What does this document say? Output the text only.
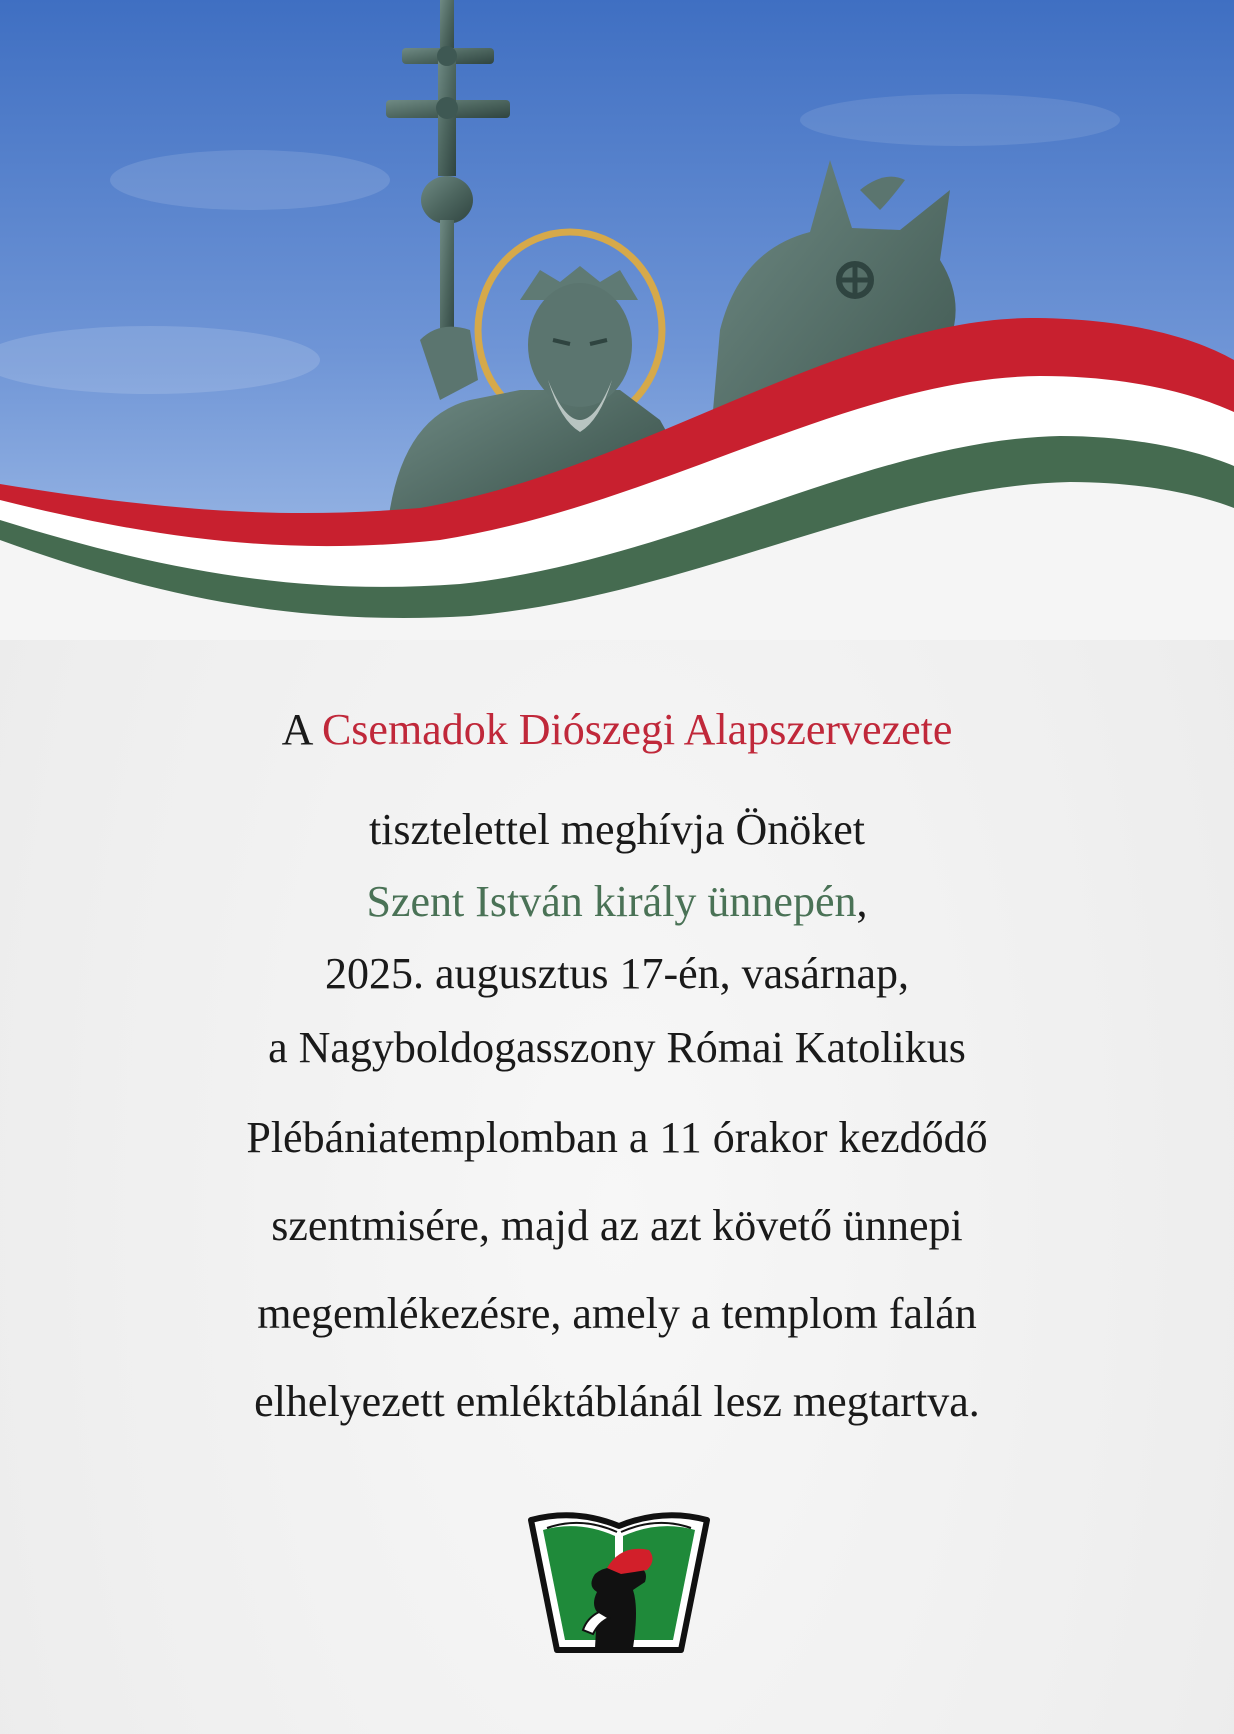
A Csemadok Diószegi Alapszervezete
tisztelettel meghívja Önöket
Szent István király ünnepén,
2025. augusztus 17-én, vasárnap,
a Nagyboldogasszony Római Katolikus
Plébániatemplomban a 11 órakor kezdődő
szentmisére, majd az azt követő ünnepi
megemlékezésre, amely a templom falán
elhelyezett emléktáblánál lesz megtartva.
